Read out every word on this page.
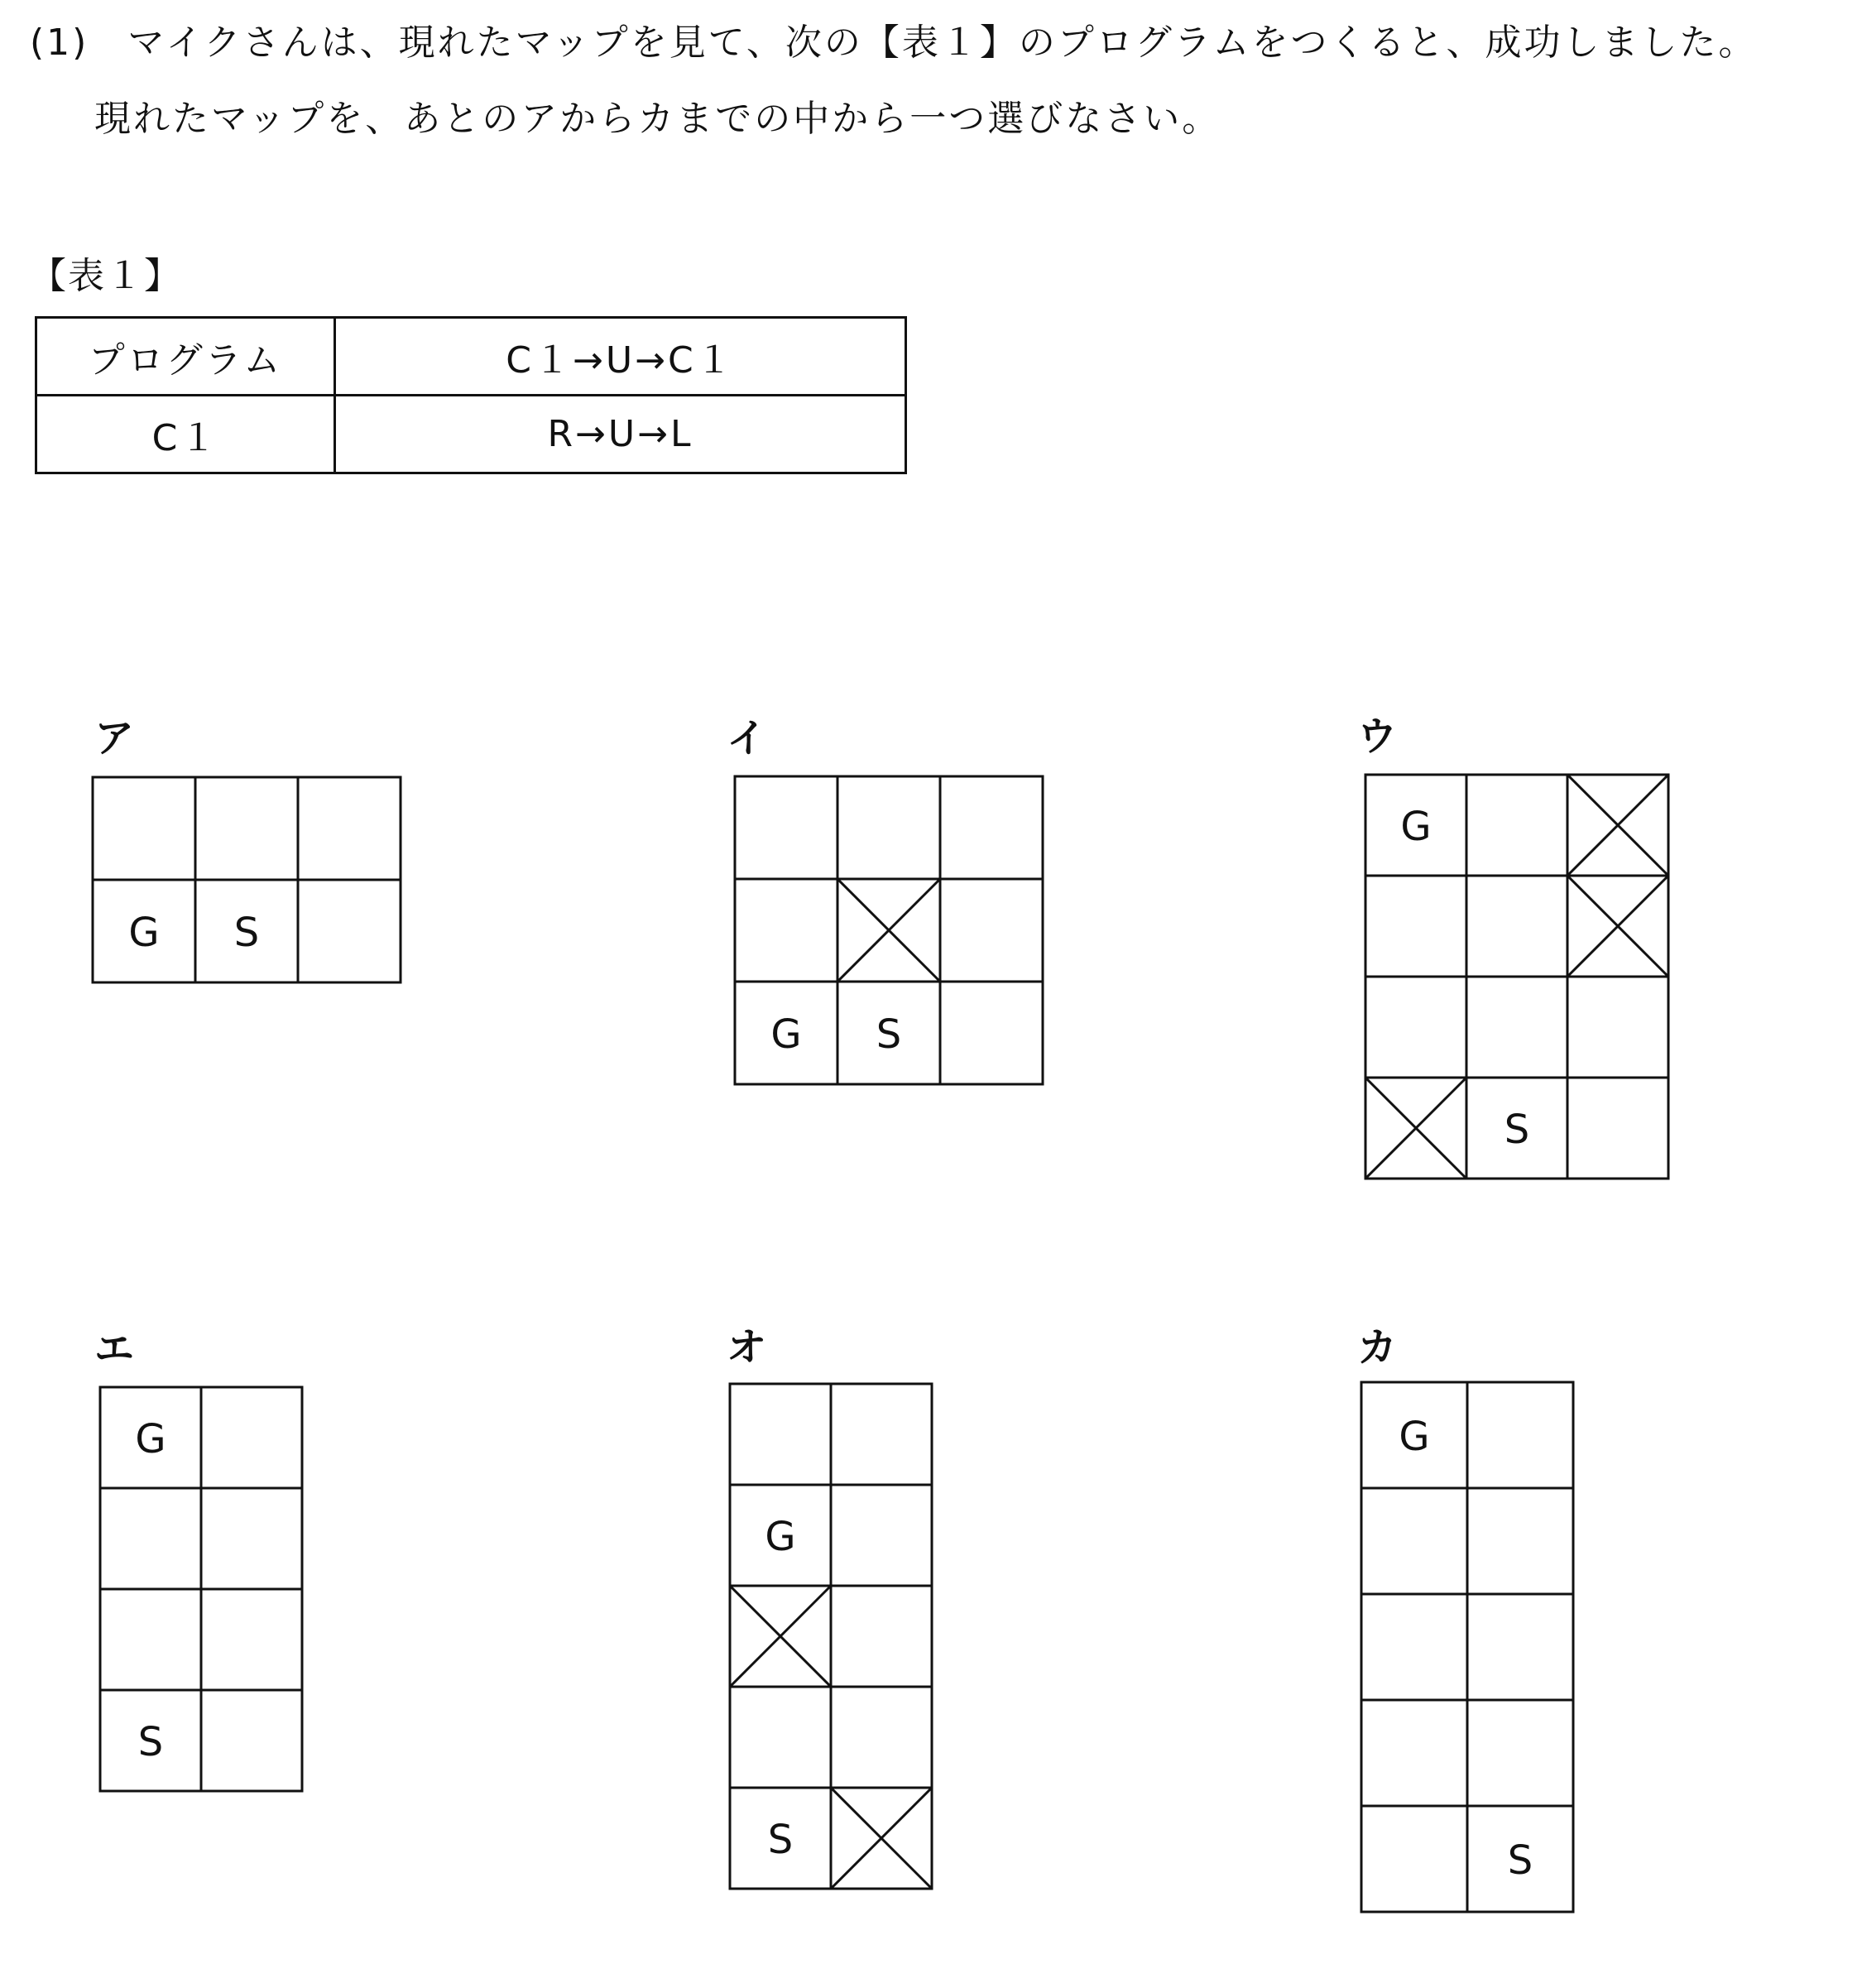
(1)　マイクさんは、現れたマップを見て、次の【表１】のプログラムをつくると、成功しました。
現れたマップを、あとのアからカまでの中から一つ選びなさい。
【表１】
プログラム	C１→U→C１
C１	R→U→L
ア
G S
イ
G S
ウ
G
S
エ
G
S
オ
G
S
カ
G
S
